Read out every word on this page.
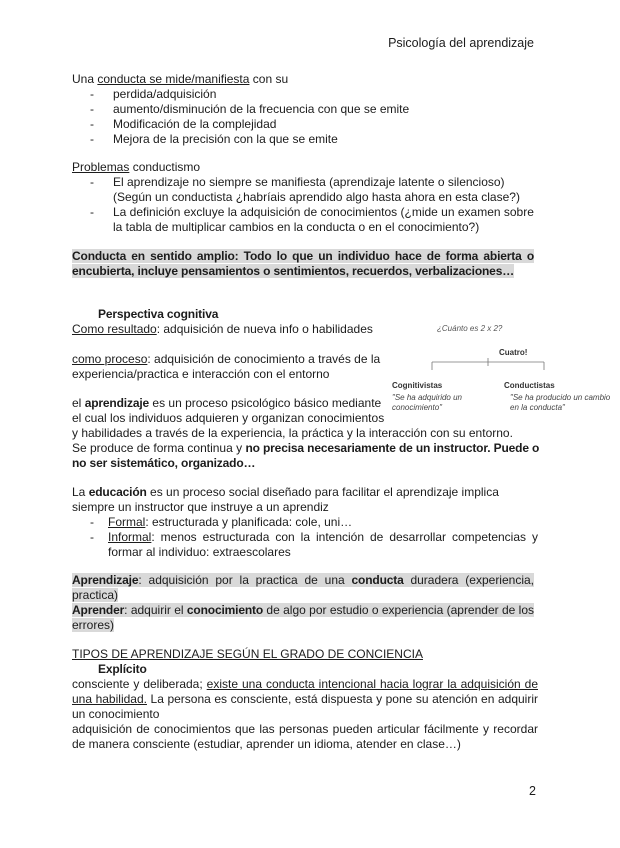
Psicología del aprendizaje
Una conducta se mide/manifiesta con su
- perdida/adquisición
- aumento/disminución de la frecuencia con que se emite
- Modificación de la complejidad
- Mejora de la precisión con la que se emite
Problemas conductismo
- El aprendizaje no siempre se manifiesta (aprendizaje latente o silencioso) (Según un conductista ¿habríais aprendido algo hasta ahora en esta clase?)
- La definición excluye la adquisición de conocimientos (¿mide un examen sobre la tabla de multiplicar cambios en la conducta o en el conocimiento?)
Conducta en sentido amplio: Todo lo que un individuo hace de forma abierta o encubierta, incluye pensamientos o sentimientos, recuerdos, verbalizaciones…
Perspectiva cognitiva
Como resultado: adquisición de nueva info o habilidades
como proceso: adquisición de conocimiento a través de la
experiencia/practica e interacción con el entorno
el aprendizaje es un proceso psicológico básico mediante
el cual los individuos adquieren y organizan conocimientos
y habilidades a través de la experiencia, la práctica y la interacción con su entorno.
Se produce de forma continua y no precisa necesariamente de un instructor. Puede o no ser sistemático, organizado…
¿Cuánto es 2 x 2?
Cuatro!
Cognitivistas	Conductistas
"Se ha adquirido un conocimiento"
"Se ha producido un cambio en la conducta"
La educación es un proceso social diseñado para facilitar el aprendizaje implica siempre un instructor que instruye a un aprendiz
- Formal: estructurada y planificada: cole, uni…
- Informal: menos estructurada con la intención de desarrollar competencias y formar al individuo: extraescolares
Aprendizaje: adquisición por la practica de una conducta duradera (experiencia, practica)
Aprender: adquirir el conocimiento de algo por estudio o experiencia (aprender de los errores)
TIPOS DE APRENDIZAJE SEGÚN EL GRADO DE CONCIENCIA
Explícito
consciente y deliberada; existe una conducta intencional hacia lograr la adquisición de una habilidad. La persona es consciente, está dispuesta y pone su atención en adquirir un conocimiento
adquisición de conocimientos que las personas pueden articular fácilmente y recordar de manera consciente (estudiar, aprender un idioma, atender en clase…)
2
